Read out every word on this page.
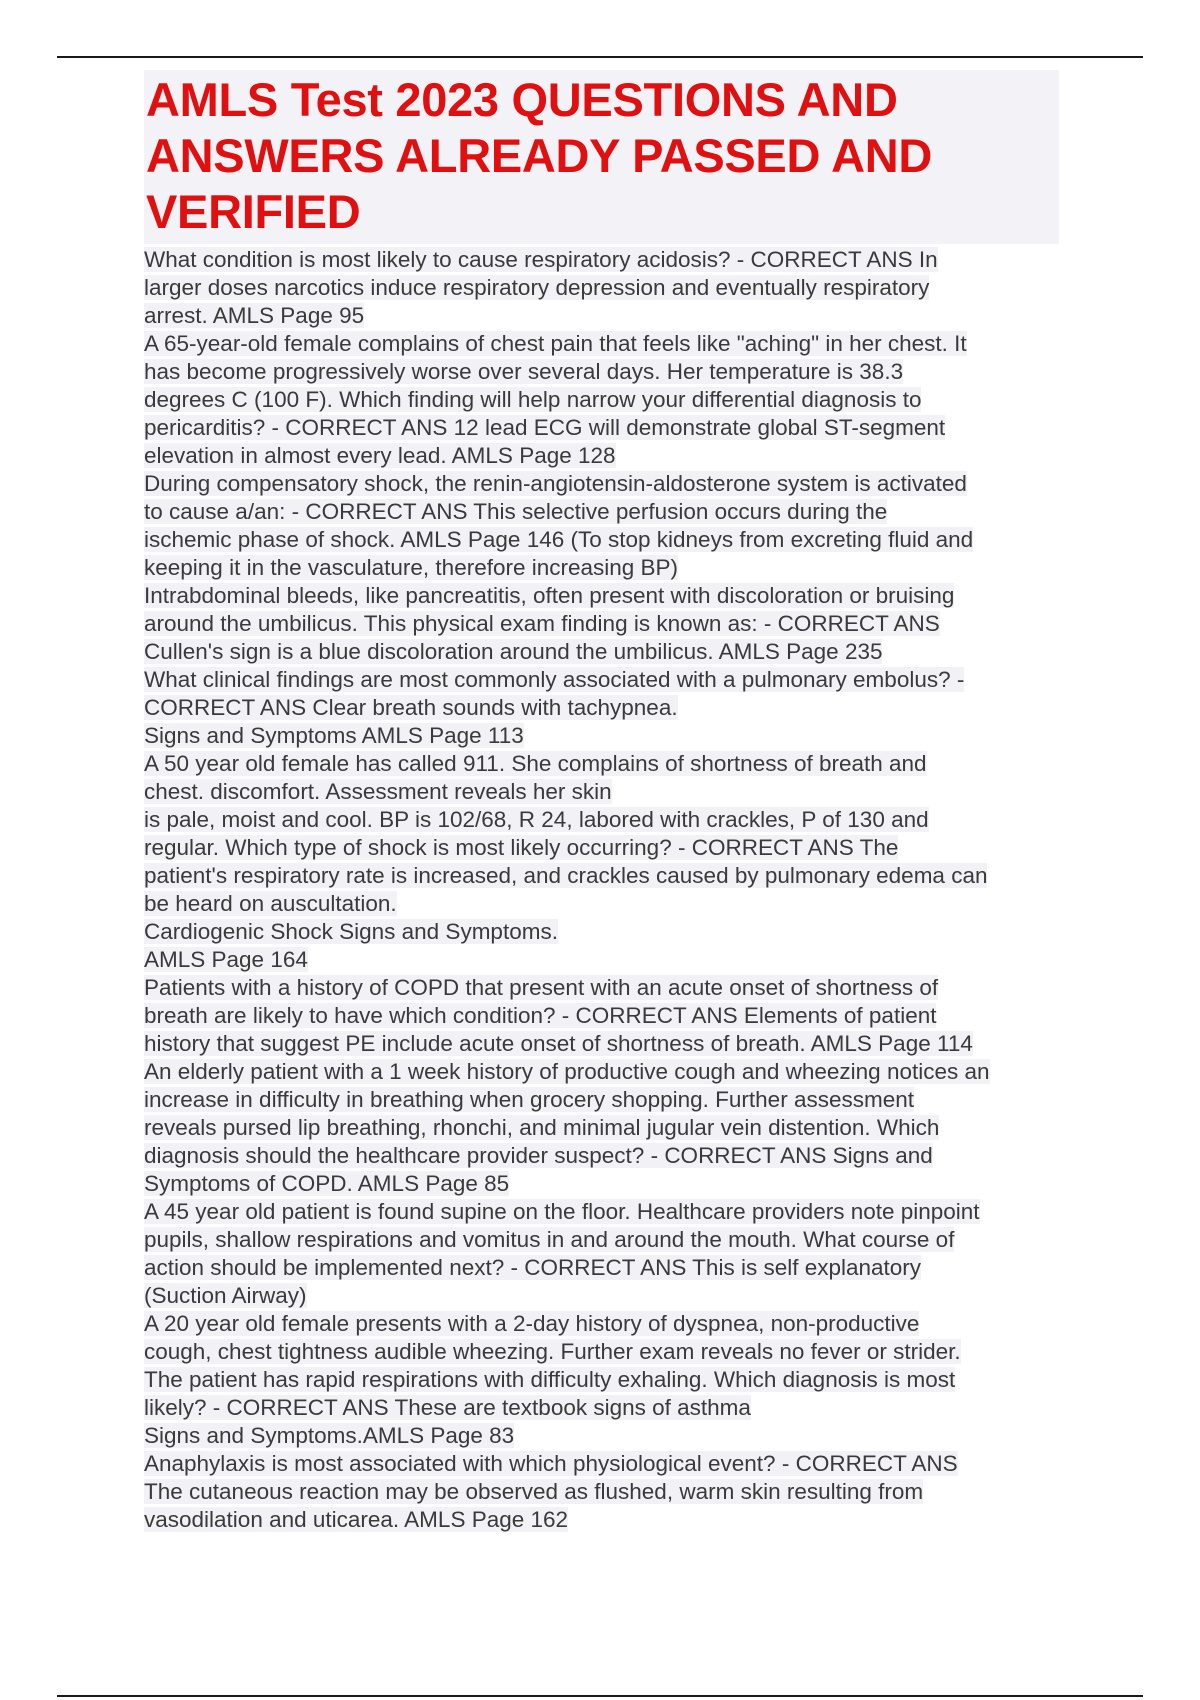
AMLS Test 2023 QUESTIONS AND
ANSWERS ALREADY PASSED AND
VERIFIED
What condition is most likely to cause respiratory acidosis? - CORRECT ANS In
larger doses narcotics induce respiratory depression and eventually respiratory
arrest. AMLS Page 95
A 65-year-old female complains of chest pain that feels like "aching" in her chest. It
has become progressively worse over several days. Her temperature is 38.3
degrees C (100 F). Which finding will help narrow your differential diagnosis to
pericarditis? - CORRECT ANS 12 lead ECG will demonstrate global ST-segment
elevation in almost every lead. AMLS Page 128
During compensatory shock, the renin-angiotensin-aldosterone system is activated
to cause a/an: - CORRECT ANS This selective perfusion occurs during the
ischemic phase of shock. AMLS Page 146 (To stop kidneys from excreting fluid and
keeping it in the vasculature, therefore increasing BP)
Intrabdominal bleeds, like pancreatitis, often present with discoloration or bruising
around the umbilicus. This physical exam finding is known as: - CORRECT ANS
Cullen's sign is a blue discoloration around the umbilicus. AMLS Page 235
What clinical findings are most commonly associated with a pulmonary embolus? -
CORRECT ANS Clear breath sounds with tachypnea.
Signs and Symptoms AMLS Page 113
A 50 year old female has called 911. She complains of shortness of breath and
chest. discomfort. Assessment reveals her skin
is pale, moist and cool. BP is 102/68, R 24, labored with crackles, P of 130 and
regular. Which type of shock is most likely occurring? - CORRECT ANS The
patient's respiratory rate is increased, and crackles caused by pulmonary edema can
be heard on auscultation.
Cardiogenic Shock Signs and Symptoms.
AMLS Page 164
Patients with a history of COPD that present with an acute onset of shortness of
breath are likely to have which condition? - CORRECT ANS Elements of patient
history that suggest PE include acute onset of shortness of breath. AMLS Page 114
An elderly patient with a 1 week history of productive cough and wheezing notices an
increase in difficulty in breathing when grocery shopping. Further assessment
reveals pursed lip breathing, rhonchi, and minimal jugular vein distention. Which
diagnosis should the healthcare provider suspect? - CORRECT ANS Signs and
Symptoms of COPD. AMLS Page 85
A 45 year old patient is found supine on the floor. Healthcare providers note pinpoint
pupils, shallow respirations and vomitus in and around the mouth. What course of
action should be implemented next? - CORRECT ANS This is self explanatory
(Suction Airway)
A 20 year old female presents with a 2-day history of dyspnea, non-productive
cough, chest tightness audible wheezing. Further exam reveals no fever or strider.
The patient has rapid respirations with difficulty exhaling. Which diagnosis is most
likely? - CORRECT ANS These are textbook signs of asthma
Signs and Symptoms.AMLS Page 83
Anaphylaxis is most associated with which physiological event? - CORRECT ANS
The cutaneous reaction may be observed as flushed, warm skin resulting from
vasodilation and uticarea. AMLS Page 162
